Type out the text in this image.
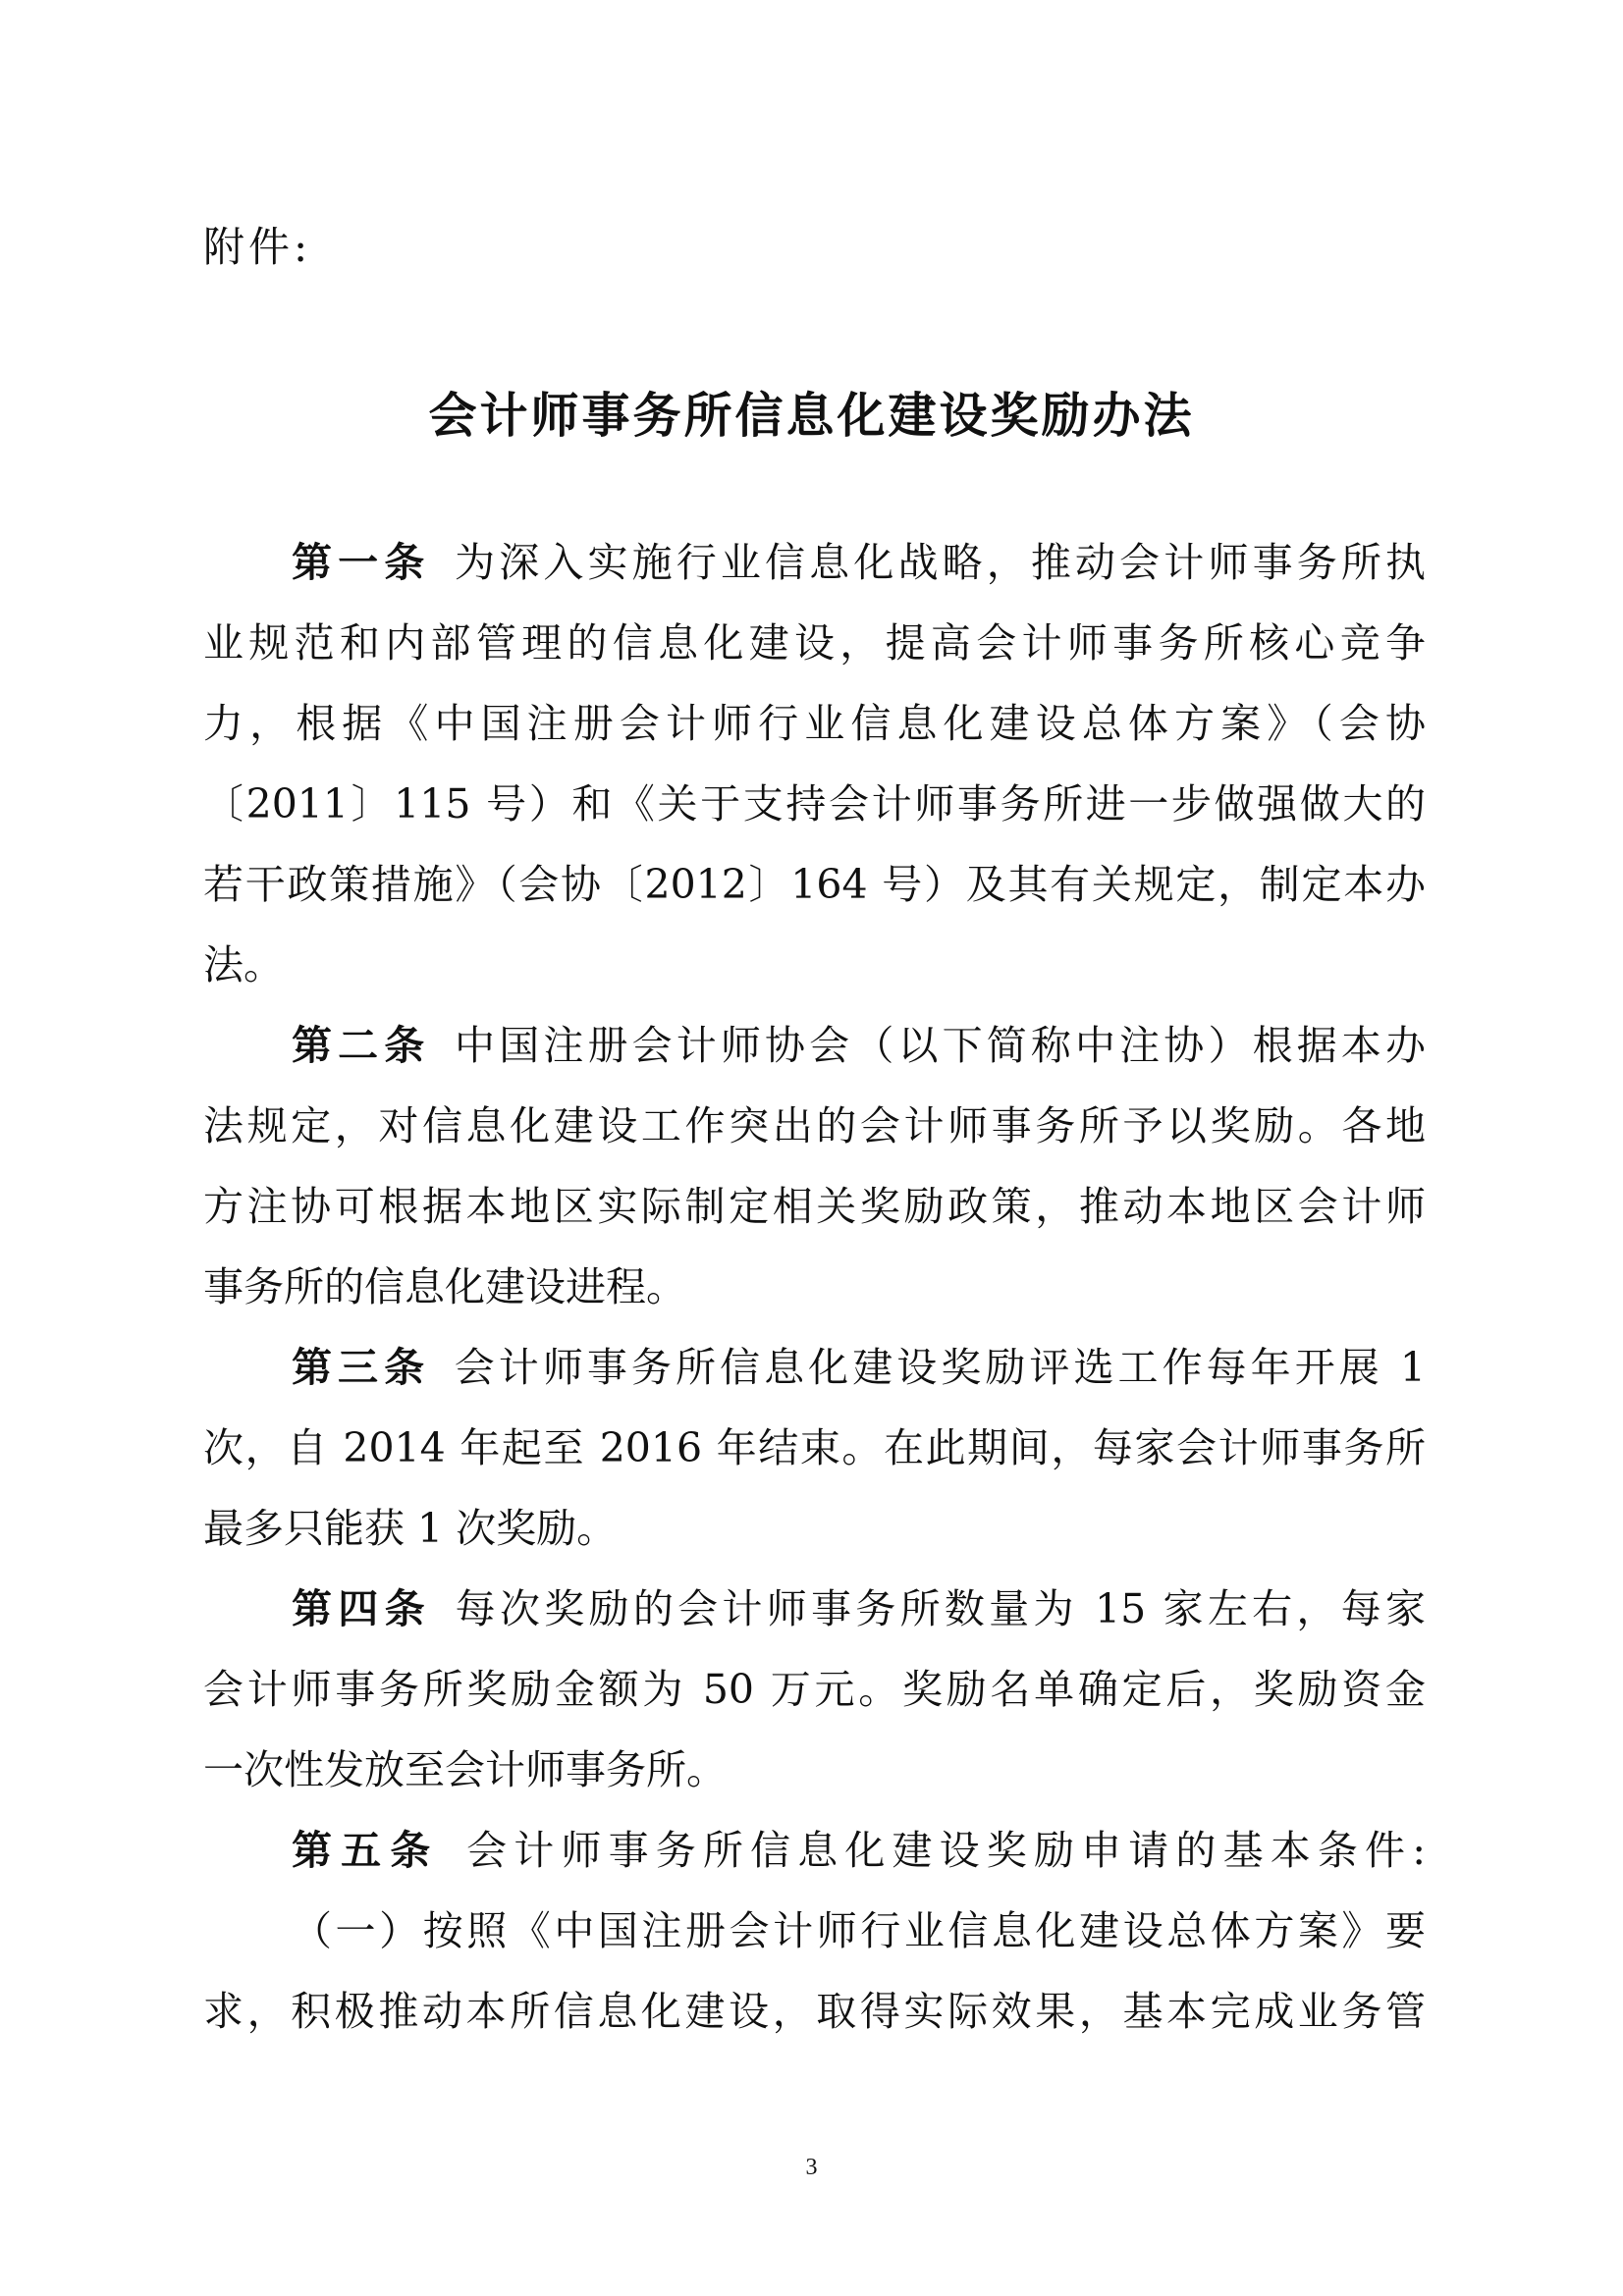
附件:
会计师事务所信息化建设奖励办法
第一条  为深入实施行业信息化战略，推动会计师事务所执
业规范和内部管理的信息化建设，提高会计师事务所核心竞争
力，根据《中国注册会计师行业信息化建设总体方案》（会协
〔2011〕115 号）和《关于支持会计师事务所进一步做强做大的
若干政策措施》（会协〔2012〕164 号）及其有关规定，制定本办
法。
第二条  中国注册会计师协会（以下简称中注协）根据本办
法规定，对信息化建设工作突出的会计师事务所予以奖励。各地
方注协可根据本地区实际制定相关奖励政策，推动本地区会计师
事务所的信息化建设进程。
第三条  会计师事务所信息化建设奖励评选工作每年开展 1
次，自 2014 年起至 2016 年结束。在此期间，每家会计师事务所
最多只能获 1 次奖励。
第四条  每次奖励的会计师事务所数量为 15 家左右，每家
会计师事务所奖励金额为 50 万元。奖励名单确定后，奖励资金
一次性发放至会计师事务所。
第五条  会计师事务所信息化建设奖励申请的基本条件:
（一）按照《中国注册会计师行业信息化建设总体方案》要
求，积极推动本所信息化建设，取得实际效果，基本完成业务管
3
